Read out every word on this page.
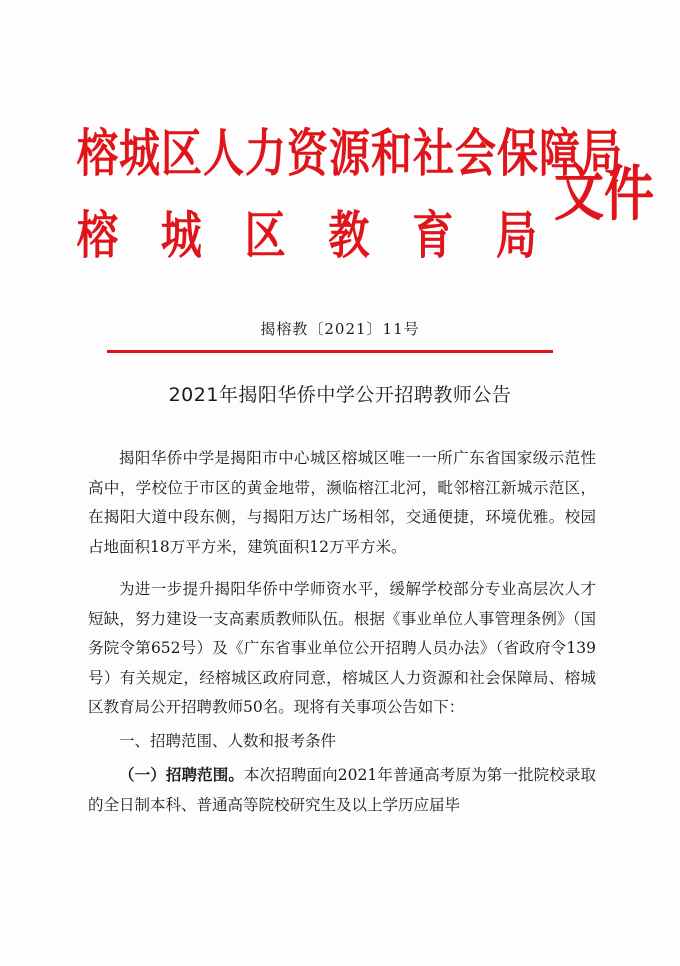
榕城区人力资源和社会保障局
榕 城 区 教 育 局
文件
揭榕教〔2021〕11号
2021年揭阳华侨中学公开招聘教师公告

揭阳华侨中学是揭阳市中心城区榕城区唯一一所广东省国家级示范性高中，学校位于市区的黄金地带，濒临榕江北河，毗邻榕江新城示范区，在揭阳大道中段东侧，与揭阳万达广场相邻，交通便捷，环境优雅。校园占地面积18万平方米，建筑面积12万平方米。

为进一步提升揭阳华侨中学师资水平，缓解学校部分专业高层次人才短缺，努力建设一支高素质教师队伍。根据《事业单位人事管理条例》（国务院令第652号）及《广东省事业单位公开招聘人员办法》（省政府令139号）有关规定，经榕城区政府同意，榕城区人力资源和社会保障局、榕城区教育局公开招聘教师50名。现将有关事项公告如下：

一、招聘范围、人数和报考条件

（一）招聘范围。本次招聘面向2021年普通高考原为第一批院校录取的全日制本科、普通高等院校研究生及以上学历应届毕
